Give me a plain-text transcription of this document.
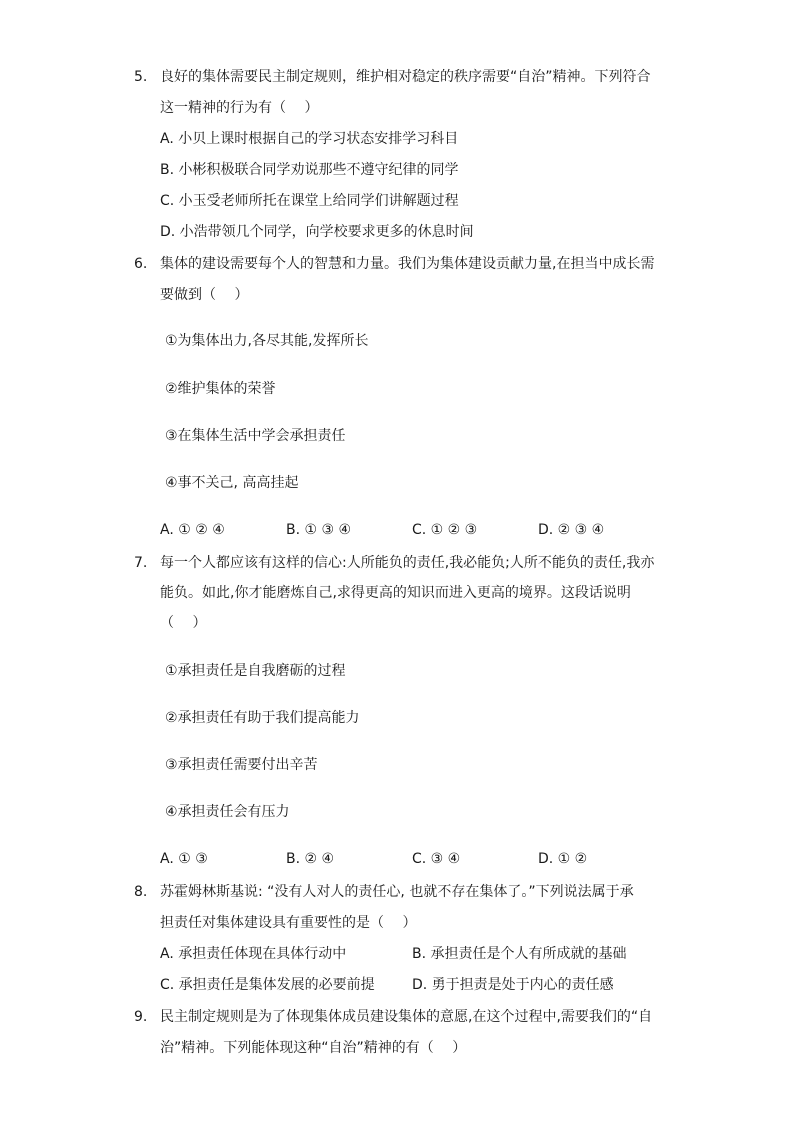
5. 良好的集体需要民主制定规则，维护相对稳定的秩序需要“自治”精神。下列符合
这一精神的行为有（　 ）
A. 小贝上课时根据自己的学习状态安排学习科目
B. 小彬积极联合同学劝说那些不遵守纪律的同学
C. 小玉受老师所托在课堂上给同学们讲解题过程
D. 小浩带领几个同学，向学校要求更多的休息时间
6. 集体的建设需要每个人的智慧和力量。我们为集体建设贡献力量,在担当中成长需
要做到（　 ）
①为集体出力,各尽其能,发挥所长
②维护集体的荣誉
③在集体生活中学会承担责任
④事不关己, 高高挂起
A. ① ② ④	B. ① ③ ④	C. ① ② ③	D. ② ③ ④
7. 每一个人都应该有这样的信心:人所能负的责任,我必能负;人所不能负的责任,我亦
能负。如此,你才能磨炼自己,求得更高的知识而进入更高的境界。这段话说明
（　 ）
①承担责任是自我磨砺的过程
②承担责任有助于我们提高能力
③承担责任需要付出辛苦
④承担责任会有压力
A. ① ③	B. ② ④	C. ③ ④	D. ① ②
8. 苏霍姆林斯基说: “没有人对人的责任心, 也就不存在集体了。”下列说法属于承
担责任对集体建设具有重要性的是（　 ）
A. 承担责任体现在具体行动中	B. 承担责任是个人有所成就的基础
C. 承担责任是集体发展的必要前提	D. 勇于担责是处于内心的责任感
9. 民主制定规则是为了体现集体成员建设集体的意愿,在这个过程中,需要我们的“自
治”精神。下列能体现这种“自治”精神的有（　 ）
